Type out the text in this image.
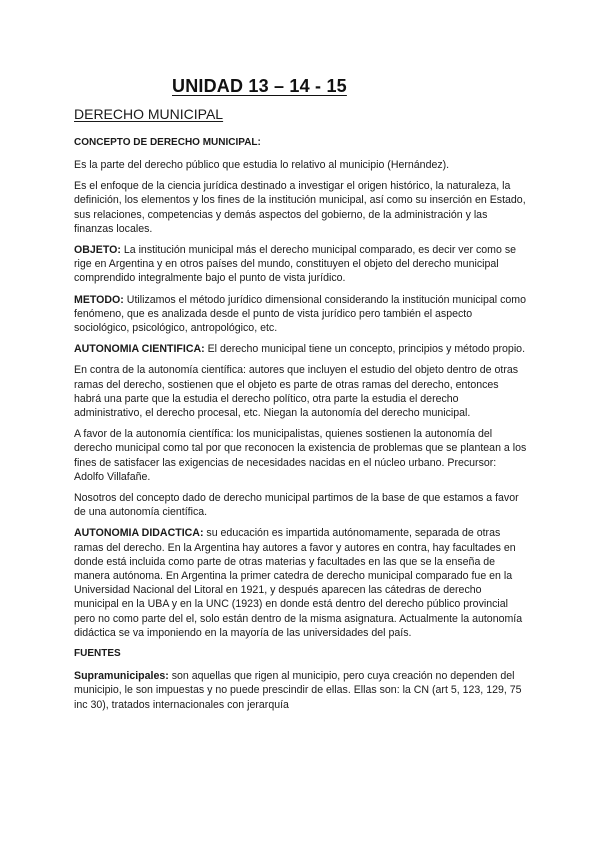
UNIDAD 13 – 14 - 15
DERECHO MUNICIPAL
CONCEPTO DE DERECHO MUNICIPAL:

Es la parte del derecho público que estudia lo relativo al municipio (Hernández).

Es el enfoque de la ciencia jurídica destinado a investigar el origen histórico, la naturaleza, la definición, los elementos y los fines de la institución municipal, así como su inserción en Estado, sus relaciones, competencias y demás aspectos del gobierno, de la administración y las finanzas locales.

OBJETO: La institución municipal más el derecho municipal comparado, es decir ver como se rige en Argentina y en otros países del mundo, constituyen el objeto del derecho municipal comprendido integralmente bajo el punto de vista jurídico.

METODO: Utilizamos el método jurídico dimensional considerando la institución municipal como fenómeno, que es analizada desde el punto de vista jurídico pero también el aspecto sociológico, psicológico, antropológico, etc.

AUTONOMIA CIENTIFICA: El derecho municipal tiene un concepto, principios y método propio.

En contra de la autonomía científica: autores que incluyen el estudio del objeto dentro de otras ramas del derecho, sostienen que el objeto es parte de otras ramas del derecho, entonces habrá una parte que la estudia el derecho político, otra parte la estudia el derecho administrativo, el derecho procesal, etc. Niegan la autonomía del derecho municipal.

A favor de la autonomía científica: los municipalistas, quienes sostienen la autonomía del derecho municipal como tal por que reconocen la existencia de problemas que se plantean a los fines de satisfacer las exigencias de necesidades nacidas en el núcleo urbano. Precursor: Adolfo Villafañe.

Nosotros del concepto dado de derecho municipal partimos de la base de que estamos a favor de una autonomía científica.

AUTONOMIA DIDACTICA: su educación es impartida autónomamente, separada de otras ramas del derecho. En la Argentina hay autores a favor y autores en contra, hay facultades en donde está incluida como parte de otras materias y facultades en las que se la enseña de manera autónoma. En Argentina la primer catedra de derecho municipal comparado fue en la Universidad Nacional del Litoral en 1921, y después aparecen las cátedras de derecho municipal en la UBA y en la UNC (1923) en donde está dentro del derecho público provincial pero no como parte del el, solo están dentro de la misma asignatura. Actualmente la autonomía didáctica se va imponiendo en la mayoría de las universidades del país.

FUENTES

Supramunicipales: son aquellas que rigen al municipio, pero cuya creación no dependen del municipio, le son impuestas y no puede prescindir de ellas. Ellas son: la CN (art 5, 123, 129, 75 inc 30), tratados internacionales con jerarquía
